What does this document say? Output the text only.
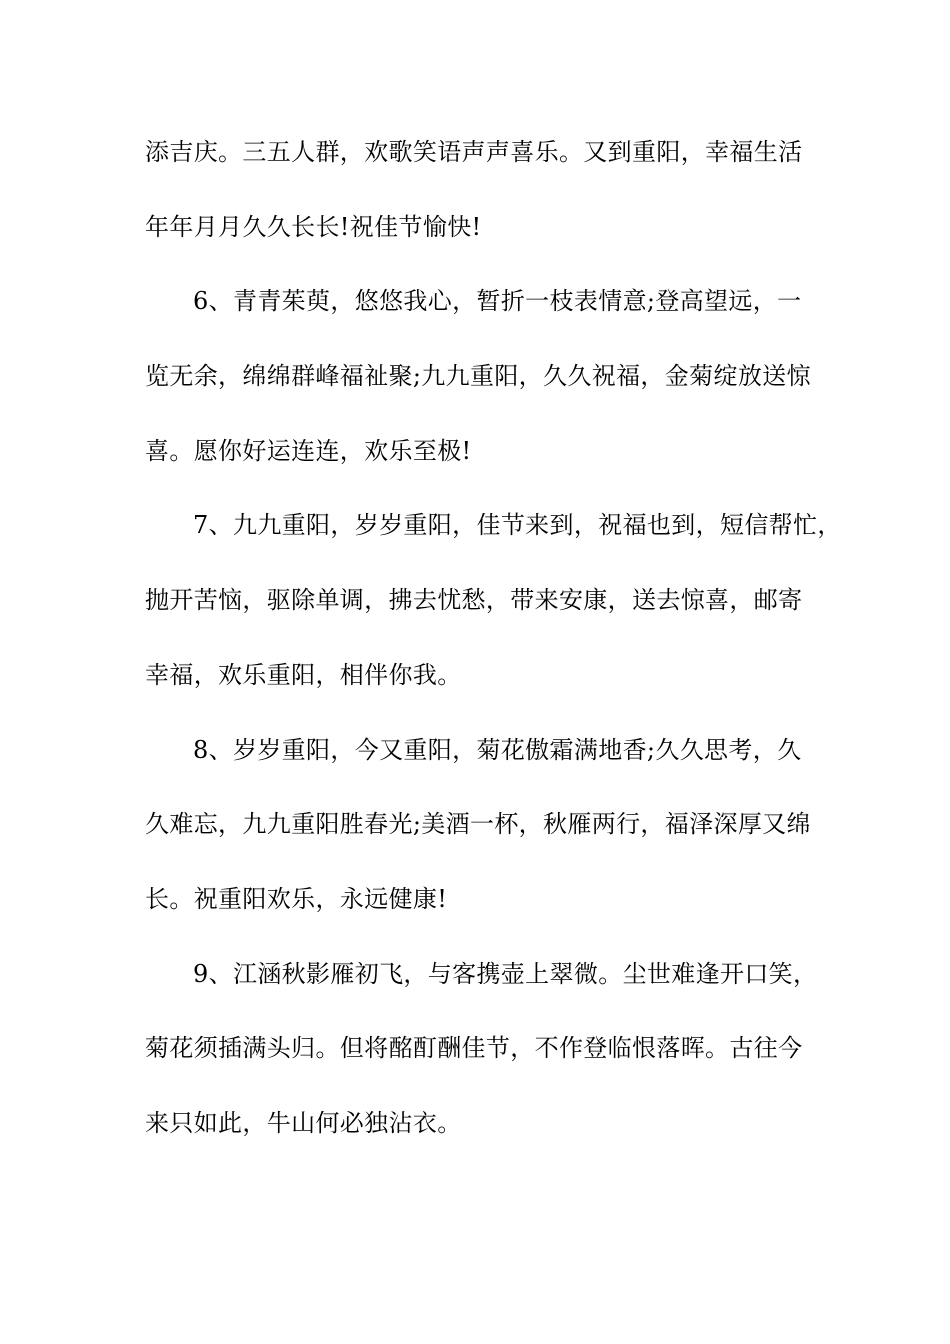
添吉庆。三五人群，欢歌笑语声声喜乐。又到重阳，幸福生活
年年月月久久长长!祝佳节愉快!
6、青青茱萸，悠悠我心，暂折一枝表情意;登高望远，一
览无余，绵绵群峰福祉聚;九九重阳，久久祝福，金菊绽放送惊
喜。愿你好运连连，欢乐至极!
7、九九重阳，岁岁重阳，佳节来到，祝福也到，短信帮忙，
抛开苦恼，驱除单调，拂去忧愁，带来安康，送去惊喜，邮寄
幸福，欢乐重阳，相伴你我。
8、岁岁重阳，今又重阳，菊花傲霜满地香;久久思考，久
久难忘，九九重阳胜春光;美酒一杯，秋雁两行，福泽深厚又绵
长。祝重阳欢乐，永远健康!
9、江涵秋影雁初飞，与客携壶上翠微。尘世难逢开口笑，
菊花须插满头归。但将酩酊酬佳节，不作登临恨落晖。古往今
来只如此，牛山何必独沾衣。
